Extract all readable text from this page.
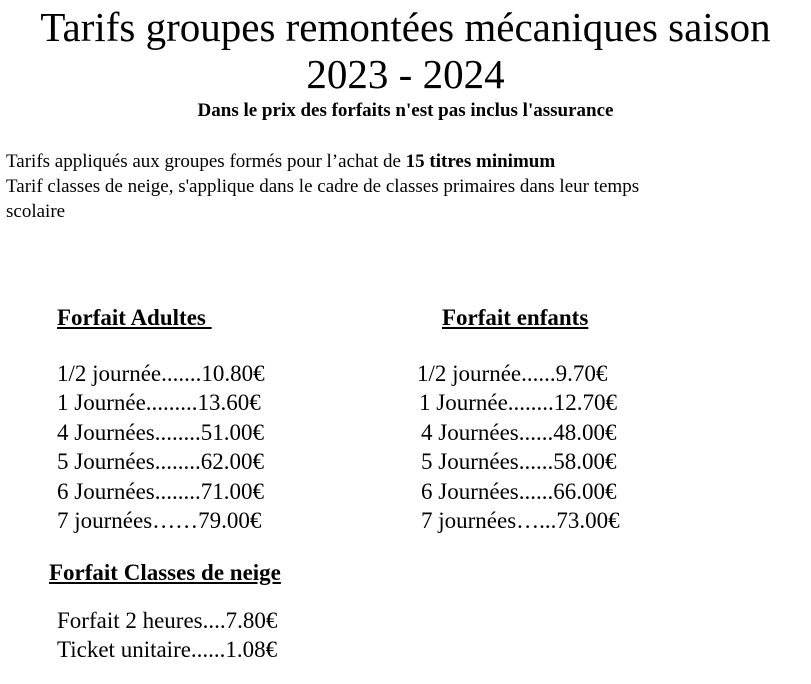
Tarifs groupes remontées mécaniques saison
2023 - 2024
Dans le prix des forfaits n'est pas inclus l'assurance
Tarifs appliqués aux groupes formés pour l’achat de 15 titres minimum
Tarif classes de neige, s'applique dans le cadre de classes primaires dans leur temps
scolaire
Forfait Adultes
1/2 journée.......10.80€
1 Journée.........13.60€
4 Journées........51.00€
5 Journées........62.00€
6 Journées........71.00€
7 journées……79.00€
Forfait enfants
1/2 journée......9.70€
1 Journée........12.70€
4 Journées......48.00€
5 Journées......58.00€
6 Journées......66.00€
7 journées…...73.00€
Forfait Classes de neige
Forfait 2 heures....7.80€
Ticket unitaire......1.08€
